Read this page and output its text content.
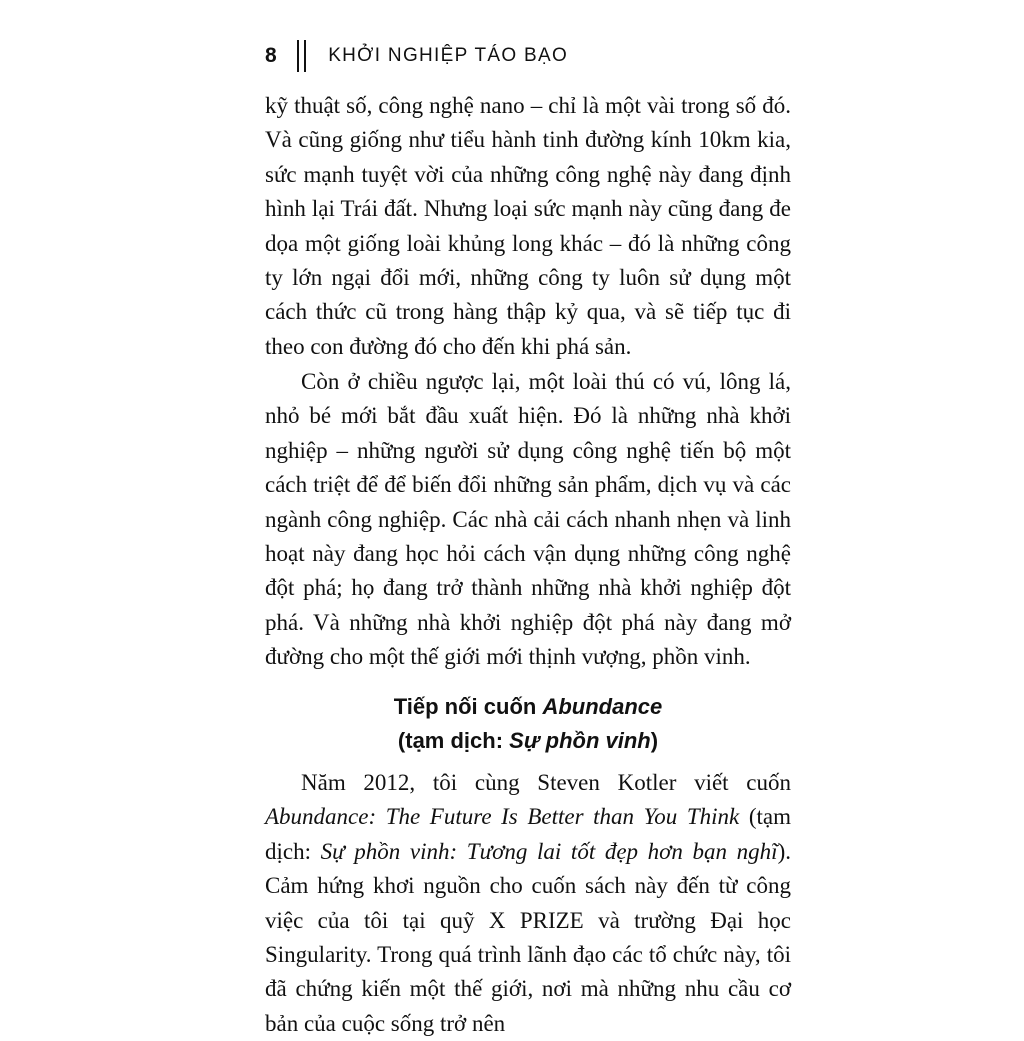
8	KHỞI NGHIỆP TÁO BẠO

kỹ thuật số, công nghệ nano – chỉ là một vài trong số đó. Và cũng giống như tiểu hành tinh đường kính 10km kia, sức mạnh tuyệt vời của những công nghệ này đang định hình lại Trái đất. Nhưng loại sức mạnh này cũng đang đe dọa một giống loài khủng long khác – đó là những công ty lớn ngại đổi mới, những công ty luôn sử dụng một cách thức cũ trong hàng thập kỷ qua, và sẽ tiếp tục đi theo con đường đó cho đến khi phá sản.

Còn ở chiều ngược lại, một loài thú có vú, lông lá, nhỏ bé mới bắt đầu xuất hiện. Đó là những nhà khởi nghiệp – những người sử dụng công nghệ tiến bộ một cách triệt để để biến đổi những sản phẩm, dịch vụ và các ngành công nghiệp. Các nhà cải cách nhanh nhẹn và linh hoạt này đang học hỏi cách vận dụng những công nghệ đột phá; họ đang trở thành những nhà khởi nghiệp đột phá. Và những nhà khởi nghiệp đột phá này đang mở đường cho một thế giới mới thịnh vượng, phồn vinh.

Tiếp nối cuốn Abundance
(tạm dịch: Sự phồn vinh)

Năm 2012, tôi cùng Steven Kotler viết cuốn Abundance: The Future Is Better than You Think (tạm dịch: Sự phồn vinh: Tương lai tốt đẹp hơn bạn nghĩ). Cảm hứng khơi nguồn cho cuốn sách này đến từ công việc của tôi tại quỹ X PRIZE và trường Đại học Singularity. Trong quá trình lãnh đạo các tổ chức này, tôi đã chứng kiến một thế giới, nơi mà những nhu cầu cơ bản của cuộc sống trở nên
